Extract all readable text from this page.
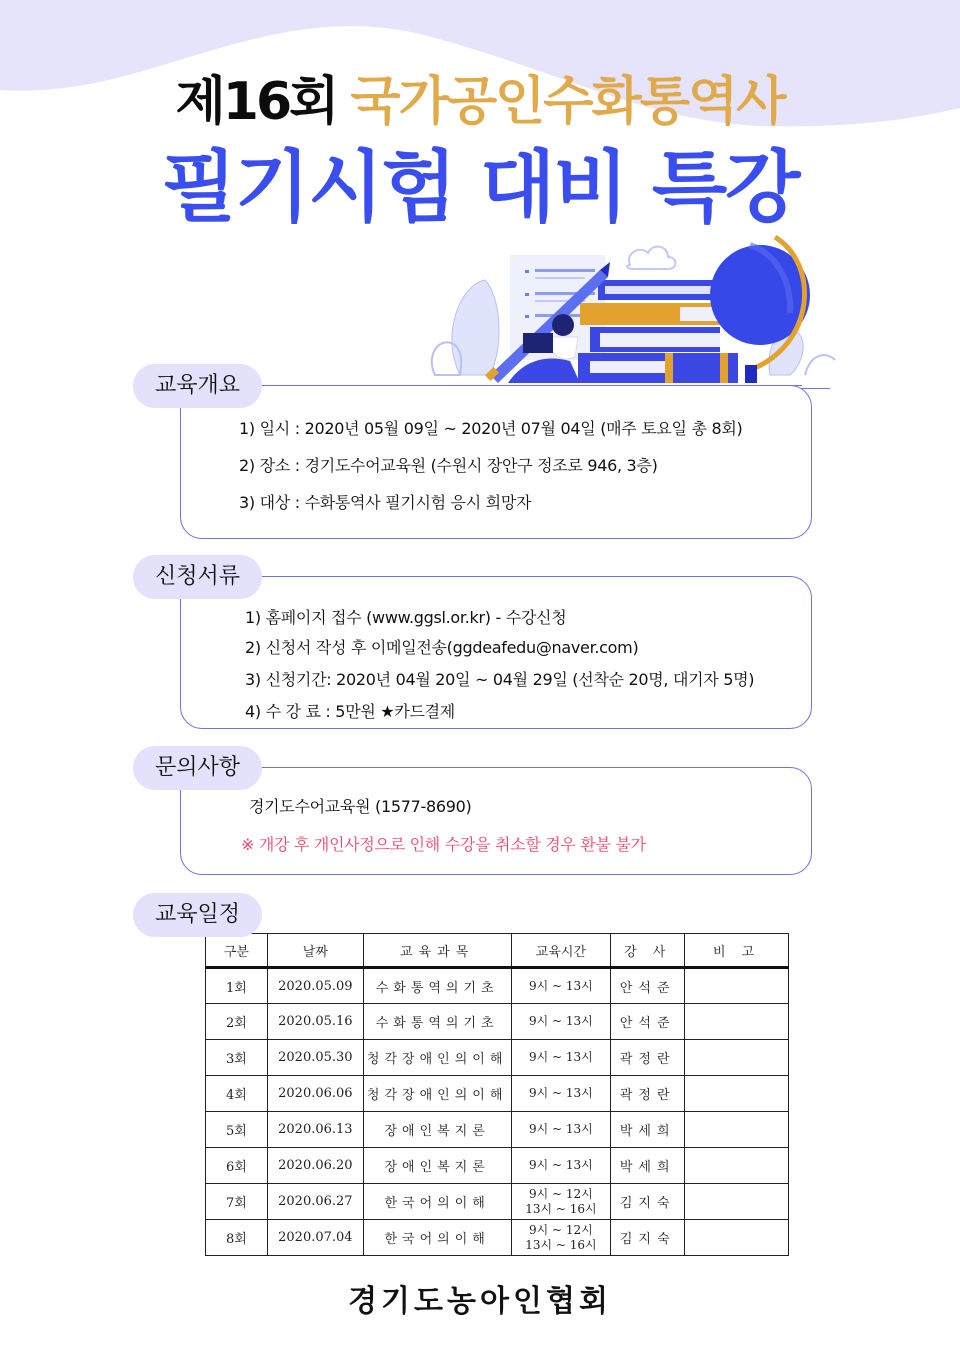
제16회 국가공인수화통역사
필기시험 대비 특강
교육개요
1) 일시 : 2020년 05월 09일 ~ 2020년 07월 04일 (매주 토요일 총 8회)
2) 장소 : 경기도수어교육원 (수원시 장안구 정조로 946, 3층)
3) 대상 : 수화통역사 필기시험 응시 희망자
신청서류
1) 홈페이지 접수 (www.ggsl.or.kr) - 수강신청
2) 신청서 작성 후 이메일전송(ggdeafedu@naver.com)
3) 신청기간: 2020년 04월 20일 ~ 04월 29일 (선착순 20명, 대기자 5명)
4) 수 강 료 : 5만원 ★카드결제
문의사항
경기도수어교육원 (1577-8690)
※ 개강 후 개인사정으로 인해 수강을 취소할 경우 환불 불가
교육일정
구분	날짜	교육과목	교육시간	강 사	비 고
1회	2020.05.09	수화통역의기초	9시 ~ 13시	안석준	
2회	2020.05.16	수화통역의기초	9시 ~ 13시	안석준	
3회	2020.05.30	청각장애인의이해	9시 ~ 13시	곽정란	
4회	2020.06.06	청각장애인의이해	9시 ~ 13시	곽정란	
5회	2020.06.13	장애인복지론	9시 ~ 13시	박세희	
6회	2020.06.20	장애인복지론	9시 ~ 13시	박세희	
7회	2020.06.27	한국어의이해	9시 ~ 12시
13시 ~ 16시	김지숙	
8회	2020.07.04	한국어의이해	9시 ~ 12시
13시 ~ 16시	김지숙	
경기도농아인협회
